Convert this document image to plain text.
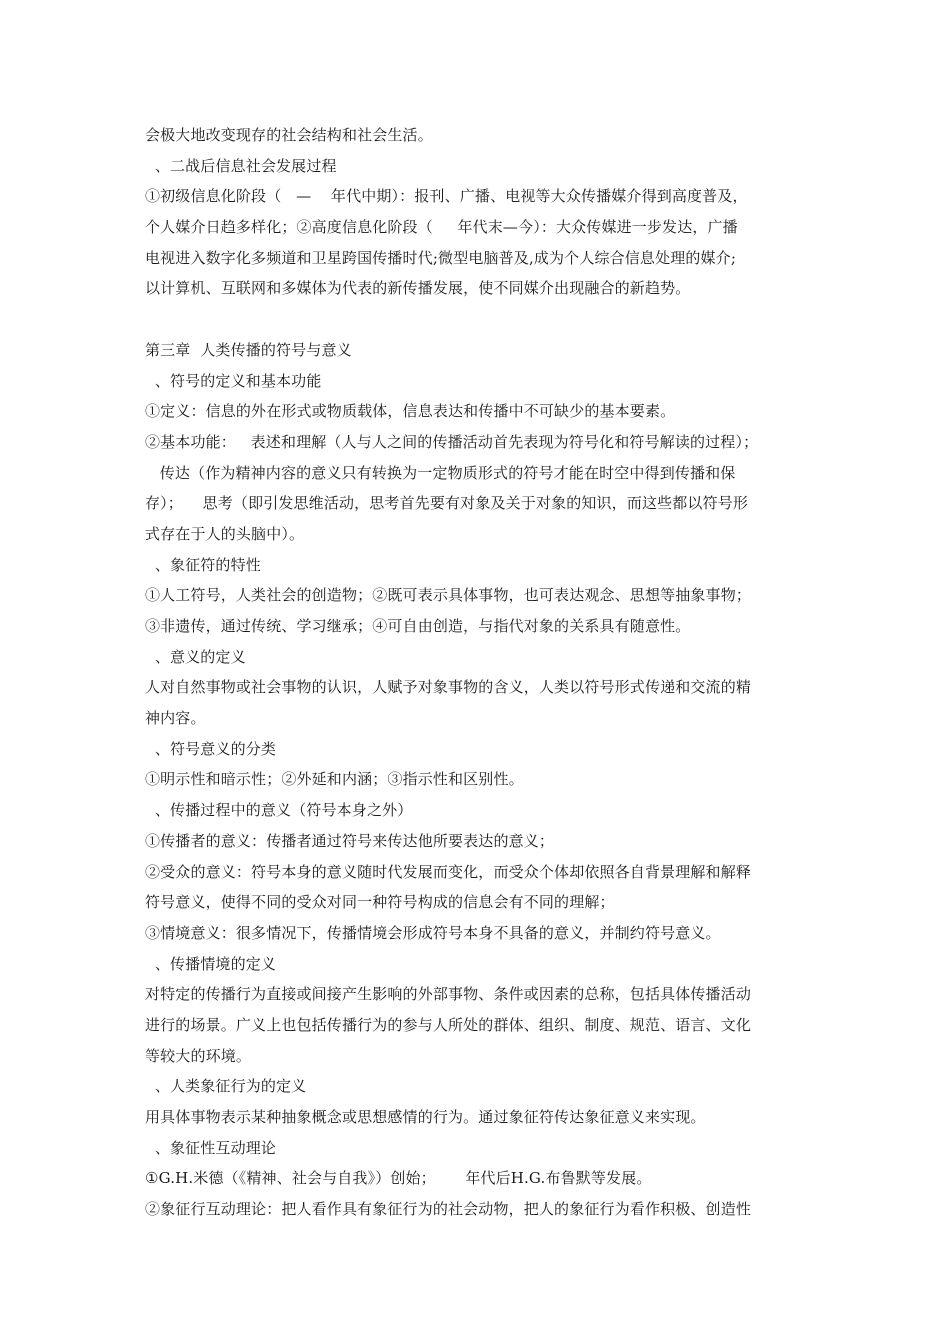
会极大地改变现存的社会结构和社会生活。
、二战后信息社会发展过程
①初级信息化阶段（   —    年代中期）：报刊、广播、电视等大众传播媒介得到高度普及，
个人媒介日趋多样化；②高度信息化阶段（     年代末—今）：大众传媒进一步发达，广播
电视进入数字化多频道和卫星跨国传播时代;微型电脑普及,成为个人综合信息处理的媒介;
以计算机、互联网和多媒体为代表的新传播发展，使不同媒介出现融合的新趋势。
第三章  人类传播的符号与意义
、符号的定义和基本功能
①定义：信息的外在形式或物质载体，信息表达和传播中不可缺少的基本要素。
②基本功能：   表述和理解（人与人之间的传播活动首先表现为符号化和符号解读的过程）；
传达（作为精神内容的意义只有转换为一定物质形式的符号才能在时空中得到传播和保
存）；    思考（即引发思维活动，思考首先要有对象及关于对象的知识，而这些都以符号形
式存在于人的头脑中）。
、象征符的特性
①人工符号，人类社会的创造物；②既可表示具体事物，也可表达观念、思想等抽象事物；
③非遗传，通过传统、学习继承；④可自由创造，与指代对象的关系具有随意性。
、意义的定义
人对自然事物或社会事物的认识，人赋予对象事物的含义，人类以符号形式传递和交流的精
神内容。
、符号意义的分类
①明示性和暗示性；②外延和内涵；③指示性和区别性。
、传播过程中的意义（符号本身之外）
①传播者的意义：传播者通过符号来传达他所要表达的意义；
②受众的意义：符号本身的意义随时代发展而变化，而受众个体却依照各自背景理解和解释
符号意义，使得不同的受众对同一种符号构成的信息会有不同的理解；
③情境意义：很多情况下，传播情境会形成符号本身不具备的意义，并制约符号意义。
、传播情境的定义
对特定的传播行为直接或间接产生影响的外部事物、条件或因素的总称，包括具体传播活动
进行的场景。广义上也包括传播行为的参与人所处的群体、组织、制度、规范、语言、文化
等较大的环境。
、人类象征行为的定义
用具体事物表示某种抽象概念或思想感情的行为。通过象征符传达象征意义来实现。
、象征性互动理论
①G.H.米德（《精神、社会与自我》）创始；      年代后H.G.布鲁默等发展。
②象征行互动理论：把人看作具有象征行为的社会动物，把人的象征行为看作积极、创造性
